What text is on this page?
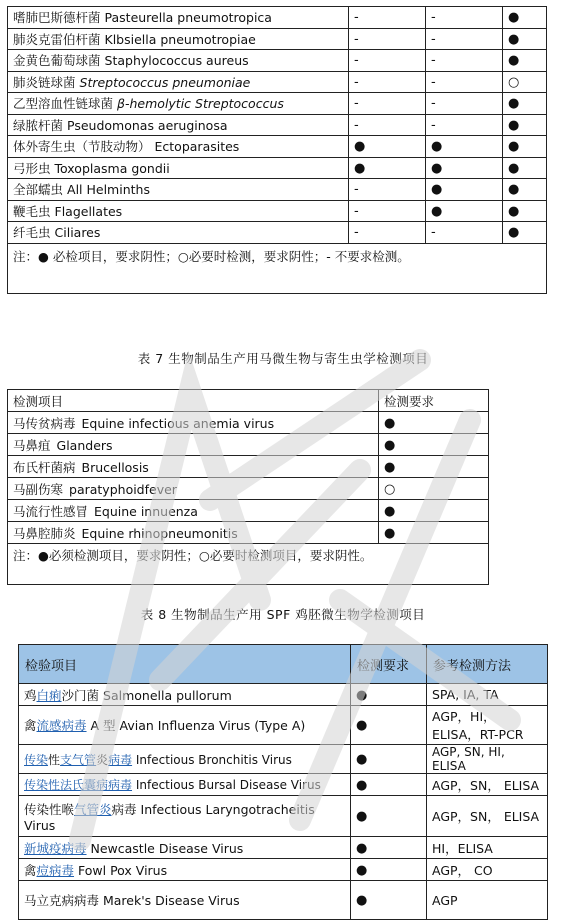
嗜肺巴斯德杆菌 Pasteurella pneumotropica	-	-	●
肺炎克雷伯杆菌 Klbsiella pneumotropiae	-	-	●
金黄色葡萄球菌 Staphylococcus aureus	-	-	●
肺炎链球菌 Streptococcus pneumoniae	-	-	○
乙型溶血性链球菌 β-hemolytic Streptococcus	-	-	●
绿脓杆菌 Pseudomonas aeruginosa	-	-	●
体外寄生虫（节肢动物） Ectoparasites	●	●	●
弓形虫 Toxoplasma gondii	●	●	●
全部蠕虫 All Helminths	-	●	●
鞭毛虫 Flagellates	-	●	●
纤毛虫 Ciliares	-	-	●
注：● 必检项目，要求阴性；○必要时检测，要求阴性；- 不要求检测。			
表 7 生物制品生产用马微生物与寄生虫学检测项目
检测项目	检测要求
马传贫病毒 Equine infectious anemia virus	●
马鼻疽 Glanders	●
布氏杆菌病 Brucellosis	●
马副伤寒 paratyphoidfever	○
马流行性感冒 Equine innuenza	●
马鼻腔肺炎 Equine rhinopneumonitis	●
注：●必须检测项目，要求阴性；○必要时检测项目，要求阴性。	
表 8 生物制品生产用 SPF 鸡胚微生物学检测项目
检验项目	检测要求	参考检测方法
鸡白痢沙门菌 Salmonella pullorum	●	SPA, IA, TA
禽流感病毒 A 型 Avian Influenza Virus (Type A)	●	AGP，HI，ELISA，RT-PCR
传染性支气管炎病毒 Infectious Bronchitis Virus	●	AGP, SN, HI, ELISA
传染性法氏囊病病毒 Infectious Bursal Disease Virus	●	AGP，SN， ELISA
传染性喉气管炎病毒 Infectious Laryngotracheitis Virus	●	AGP，SN， ELISA
新城疫病毒 Newcastle Disease Virus	●	HI，ELISA
禽痘病毒 Fowl Pox Virus	●	AGP， CO
马立克病病毒 Marek's Disease Virus	●	AGP
